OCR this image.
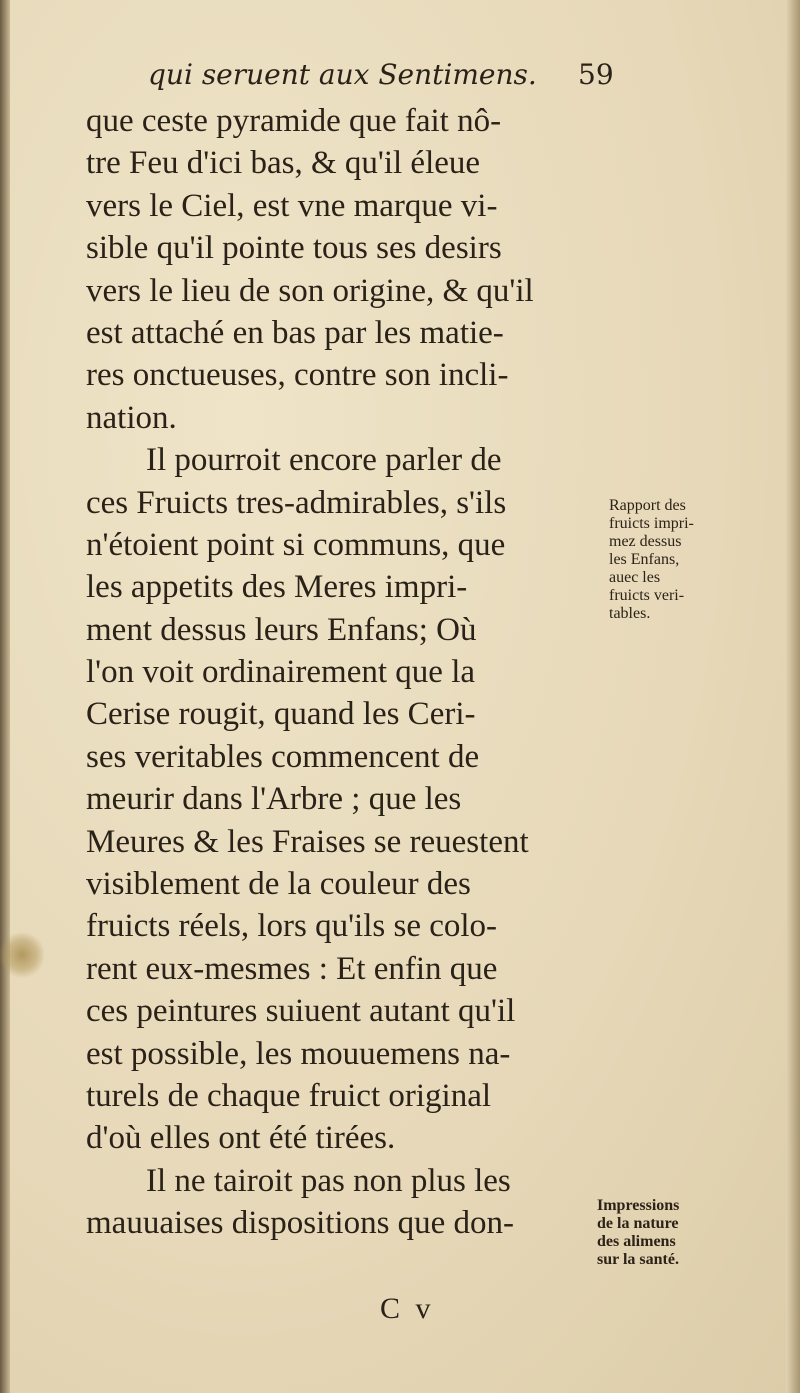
qui seruent aux Sentimens. 59
que ceste pyramide que fait nô-
tre Feu d'ici bas, & qu'il éleue
vers le Ciel, est vne marque vi-
sible qu'il pointe tous ses desirs
vers le lieu de son origine, & qu'il
est attaché en bas par les matie-
res onctueuses, contre son incli-
nation.
Il pourroit encore parler de
ces Fruicts tres-admirables, s'ils
n'étoient point si communs, que
les appetits des Meres impri-
ment dessus leurs Enfans; Où
l'on voit ordinairement que la
Cerise rougit, quand les Ceri-
ses veritables commencent de
meurir dans l'Arbre ; que les
Meures & les Fraises se reuestent
visiblement de la couleur des
fruicts réels, lors qu'ils se colo-
rent eux-mesmes : Et enfin que
ces peintures suiuent autant qu'il
est possible, les mouuemens na-
turels de chaque fruict original
d'où elles ont été tirées.
Il ne tairoit pas non plus les
mauuaises dispositions que don-
Rapport des
fruicts impri-
mez dessus
les Enfans,
auec les
fruicts veri-
tables.
Impressions
de la nature
des alimens
sur la santé.
C v
